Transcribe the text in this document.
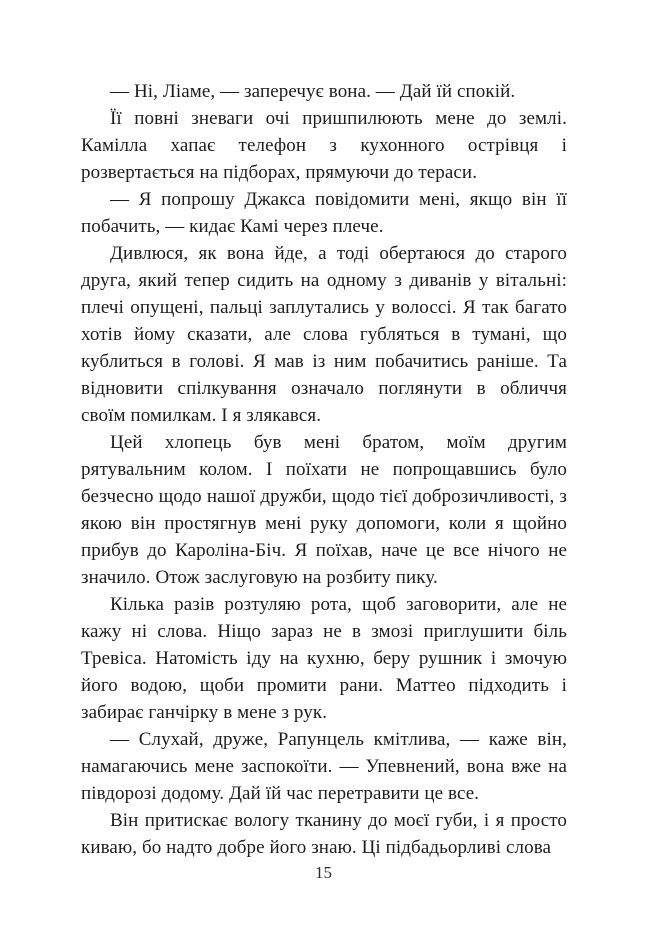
— Ні, Ліаме, — заперечує вона. — Дай їй спокій.

Її повні зневаги очі пришпилюють мене до землі. Камілла хапає телефон з кухонного острівця і розвертається на підборах, прямуючи до тераси.

— Я попрошу Джакса повідомити мені, якщо він її побачить, — кидає Камі через плече.

Дивлюся, як вона йде, а тоді обертаюся до старого друга, який тепер сидить на одному з диванів у вітальні: плечі опущені, пальці заплутались у волоссі. Я так багато хотів йому сказати, але слова губляться в тумані, що кублиться в голові. Я мав із ним побачитись раніше. Та відновити спілкування означало поглянути в обличчя своїм помилкам. І я злякався.

Цей хлопець був мені братом, моїм другим рятувальним колом. І поїхати не попрощавшись було безчесно щодо нашої дружби, щодо тієї доброзичливості, з якою він простягнув мені руку допомоги, коли я щойно прибув до Кароліна-Біч. Я поїхав, наче це все нічого не значило. Отож заслуговую на розбиту пику.

Кілька разів розтуляю рота, щоб заговорити, але не кажу ні слова. Ніщо зараз не в змозі приглушити біль Тревіса. Натомість іду на кухню, беру рушник і змочую його водою, щоби промити рани. Маттео підходить і забирає ганчірку в мене з рук.

— Слухай, друже, Рапунцель кмітлива, — каже він, намагаючись мене заспокоїти. — Упевнений, вона вже на півдорозі додому. Дай їй час перетравити це все.

Він притискає вологу тканину до моєї губи, і я просто киваю, бо надто добре його знаю. Ці підбадьорливі слова

15
